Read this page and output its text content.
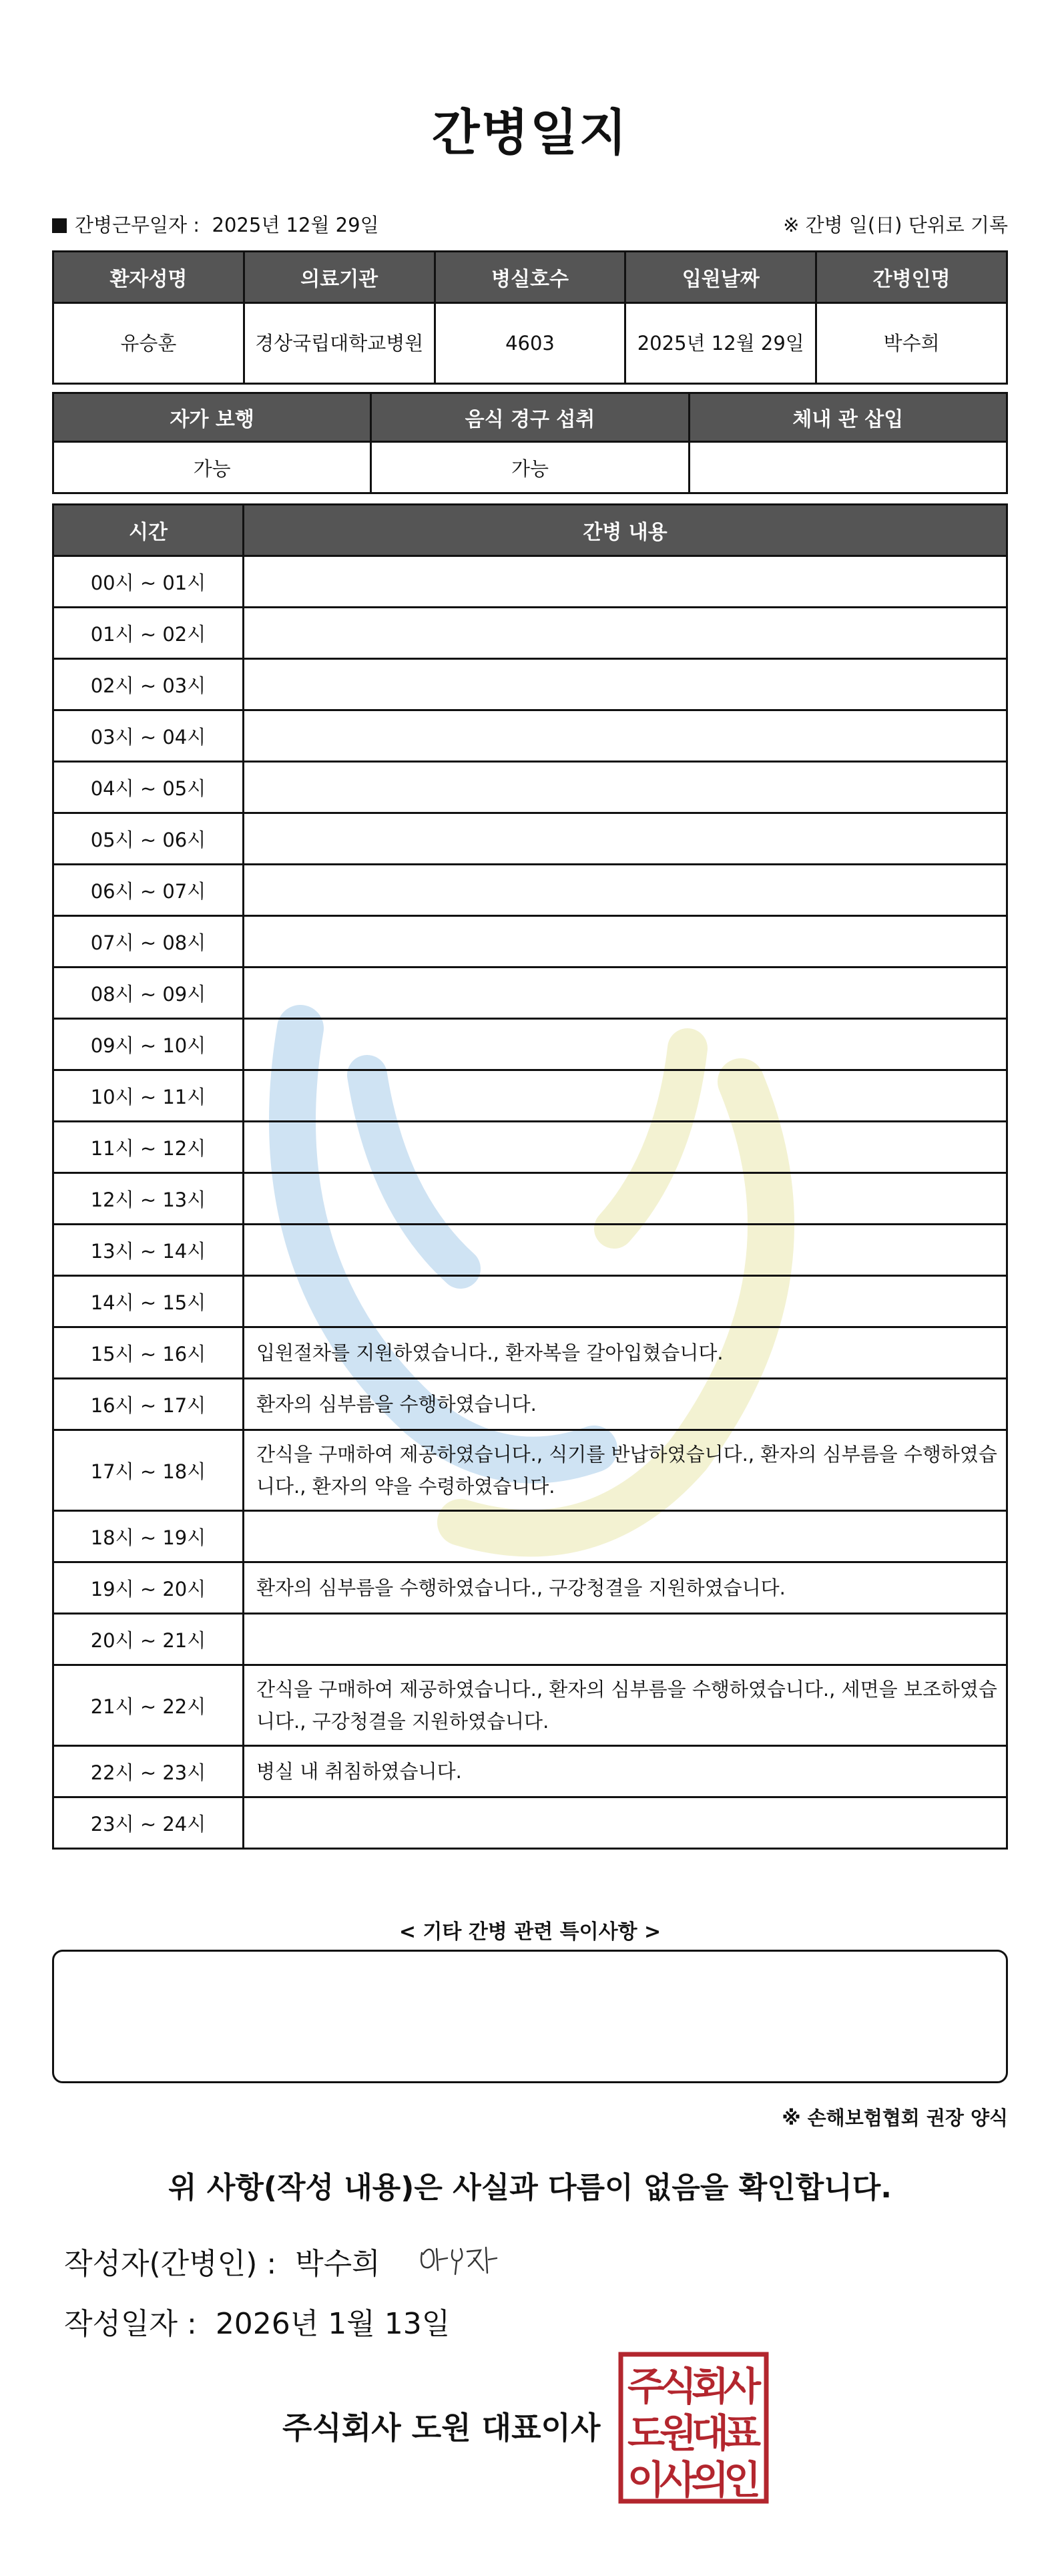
간병일지
간병근무일자 : 2025년 12월 29일	※ 간병 일(日) 단위로 기록
환자성명	의료기관	병실호수	입원날짜	간병인명
유승훈	경상국립대학교병원	4603	2025년 12월 29일	박수희
자가 보행	음식 경구 섭취	체내 관 삽입
가능	가능	
시간	간병 내용
00시 ~ 01시	
01시 ~ 02시	
02시 ~ 03시	
03시 ~ 04시	
04시 ~ 05시	
05시 ~ 06시	
06시 ~ 07시	
07시 ~ 08시	
08시 ~ 09시	
09시 ~ 10시	
10시 ~ 11시	
11시 ~ 12시	
12시 ~ 13시	
13시 ~ 14시	
14시 ~ 15시	
15시 ~ 16시	입원절차를 지원하였습니다., 환자복을 갈아입혔습니다.
16시 ~ 17시	환자의 심부름을 수행하였습니다.
17시 ~ 18시	간식을 구매하여 제공하였습니다., 식기를 반납하였습니다., 환자의 심부름을 수행하였습니다., 환자의 약을 수령하였습니다.
18시 ~ 19시	
19시 ~ 20시	환자의 심부름을 수행하였습니다., 구강청결을 지원하였습니다.
20시 ~ 21시	
21시 ~ 22시	간식을 구매하여 제공하였습니다., 환자의 심부름을 수행하였습니다., 세면을 보조하였습니다., 구강청결을 지원하였습니다.
22시 ~ 23시	병실 내 취침하였습니다.
23시 ~ 24시	
< 기타 간병 관련 특이사항 >
※ 손해보험협회 권장 양식
위 사항(작성 내용)은 사실과 다름이 없음을 확인합니다.
작성자(간병인) : 박수희
작성일자 : 2026년 1월 13일
주식회사 도원 대표이사
주
식
회
사
도
원
대
표
이
사
의
인
